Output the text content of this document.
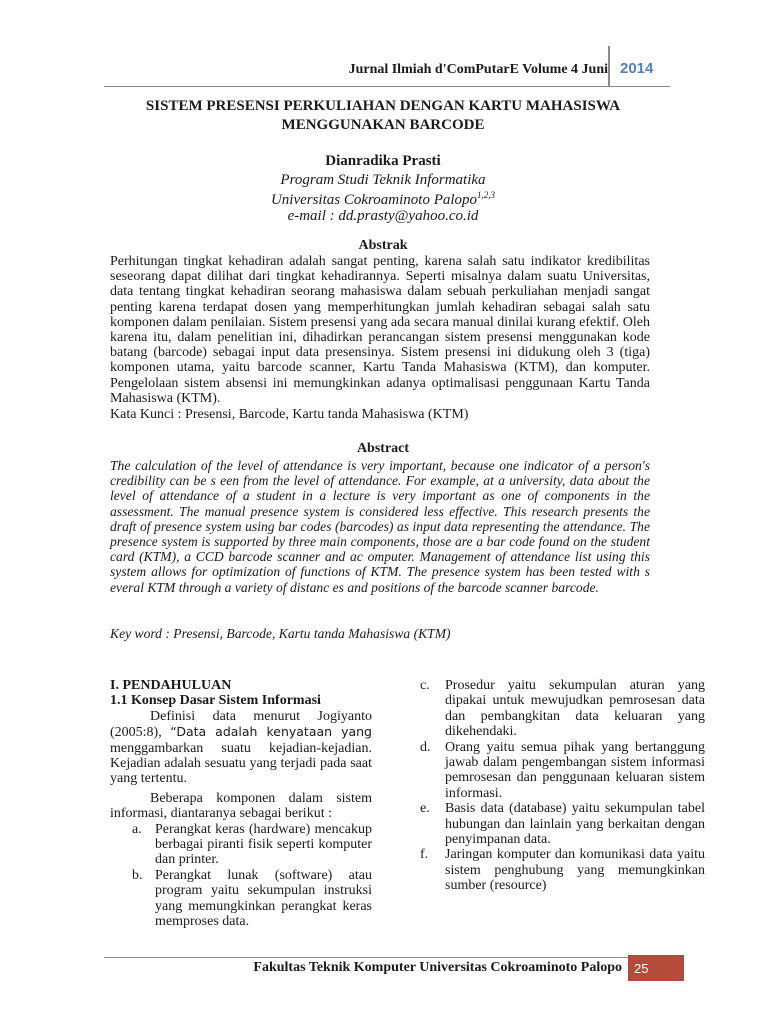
Jurnal Ilmiah d'ComPutarE Volume 4 Juni 2014
SISTEM PRESENSI PERKULIAHAN DENGAN KARTU MAHASISWA
MENGGUNAKAN BARCODE
Dianradika Prasti
Program Studi Teknik Informatika
Universitas Cokroaminoto Palopo$^{1,2,3}$
e-mail : dd.prasty@yahoo.co.id
Abstrak
Perhitungan tingkat kehadiran adalah sangat penting, karena salah satu indikator kredibilitas seseorang dapat dilihat dari tingkat kehadirannya. Seperti misalnya dalam suatu Universitas, data tentang tingkat kehadiran seorang mahasiswa dalam sebuah perkuliahan menjadi sangat penting karena terdapat dosen yang memperhitungkan jumlah kehadiran sebagai salah satu komponen dalam penilaian. Sistem presensi yang ada secara manual dinilai kurang efektif. Oleh karena itu, dalam penelitian ini, dihadirkan perancangan sistem presensi menggunakan kode batang (barcode) sebagai input data presensinya. Sistem presensi ini didukung oleh 3 (tiga) komponen utama, yaitu barcode scanner, Kartu Tanda Mahasiswa (KTM), dan komputer. Pengelolaan sistem absensi ini memungkinkan adanya optimalisasi penggunaan Kartu Tanda Mahasiswa (KTM).
Kata Kunci : Presensi, Barcode, Kartu tanda Mahasiswa (KTM)
Abstract
The calculation of the level of attendance is very important, because one indicator of a person's credibility can be s een from the level of attendance. For example, at a university, data about the level of attendance of a student in a lecture is very important as one of components in the assessment. The manual presence system is considered less effective. This research presents the draft of presence system using bar codes (barcodes) as input data representing the attendance. The presence system is supported by three main components, those are a bar code found on the student card (KTM), a CCD barcode scanner and ac omputer. Management of attendance list using this system allows for optimization of functions of KTM. The presence system has been tested with s everal KTM through a variety of distanc es and positions of the barcode scanner barcode.
Key word : Presensi, Barcode, Kartu tanda Mahasiswa (KTM)
I. PENDAHULUAN
1.1 Konsep Dasar Sistem Informasi
Definisi data menurut Jogiyanto (2005:8), “Data adalah kenyataan yang menggambarkan suatu kejadian-kejadian. Kejadian adalah sesuatu yang terjadi pada saat yang tertentu.
Beberapa komponen dalam sistem informasi, diantaranya sebagai berikut :
a. Perangkat keras (hardware) mencakup berbagai piranti fisik seperti komputer dan printer.
b. Perangkat lunak (software) atau program yaitu sekumpulan instruksi yang memungkinkan perangkat keras memproses data.
c.	Prosedur yaitu sekumpulan aturan yang dipakai untuk mewujudkan pemrosesan data dan pembangkitan data keluaran yang dikehendaki.
d.	Orang yaitu semua pihak yang bertanggung jawab dalam pengembangan sistem informasi pemrosesan dan penggunaan keluaran sistem informasi.
e.	Basis data (database) yaitu sekumpulan tabel hubungan dan lainlain yang berkaitan dengan penyimpanan data.
f.	Jaringan komputer dan komunikasi data yaitu sistem penghubung yang memungkinkan sumber (resource)
Fakultas Teknik Komputer Universitas Cokroaminoto Palopo 25
